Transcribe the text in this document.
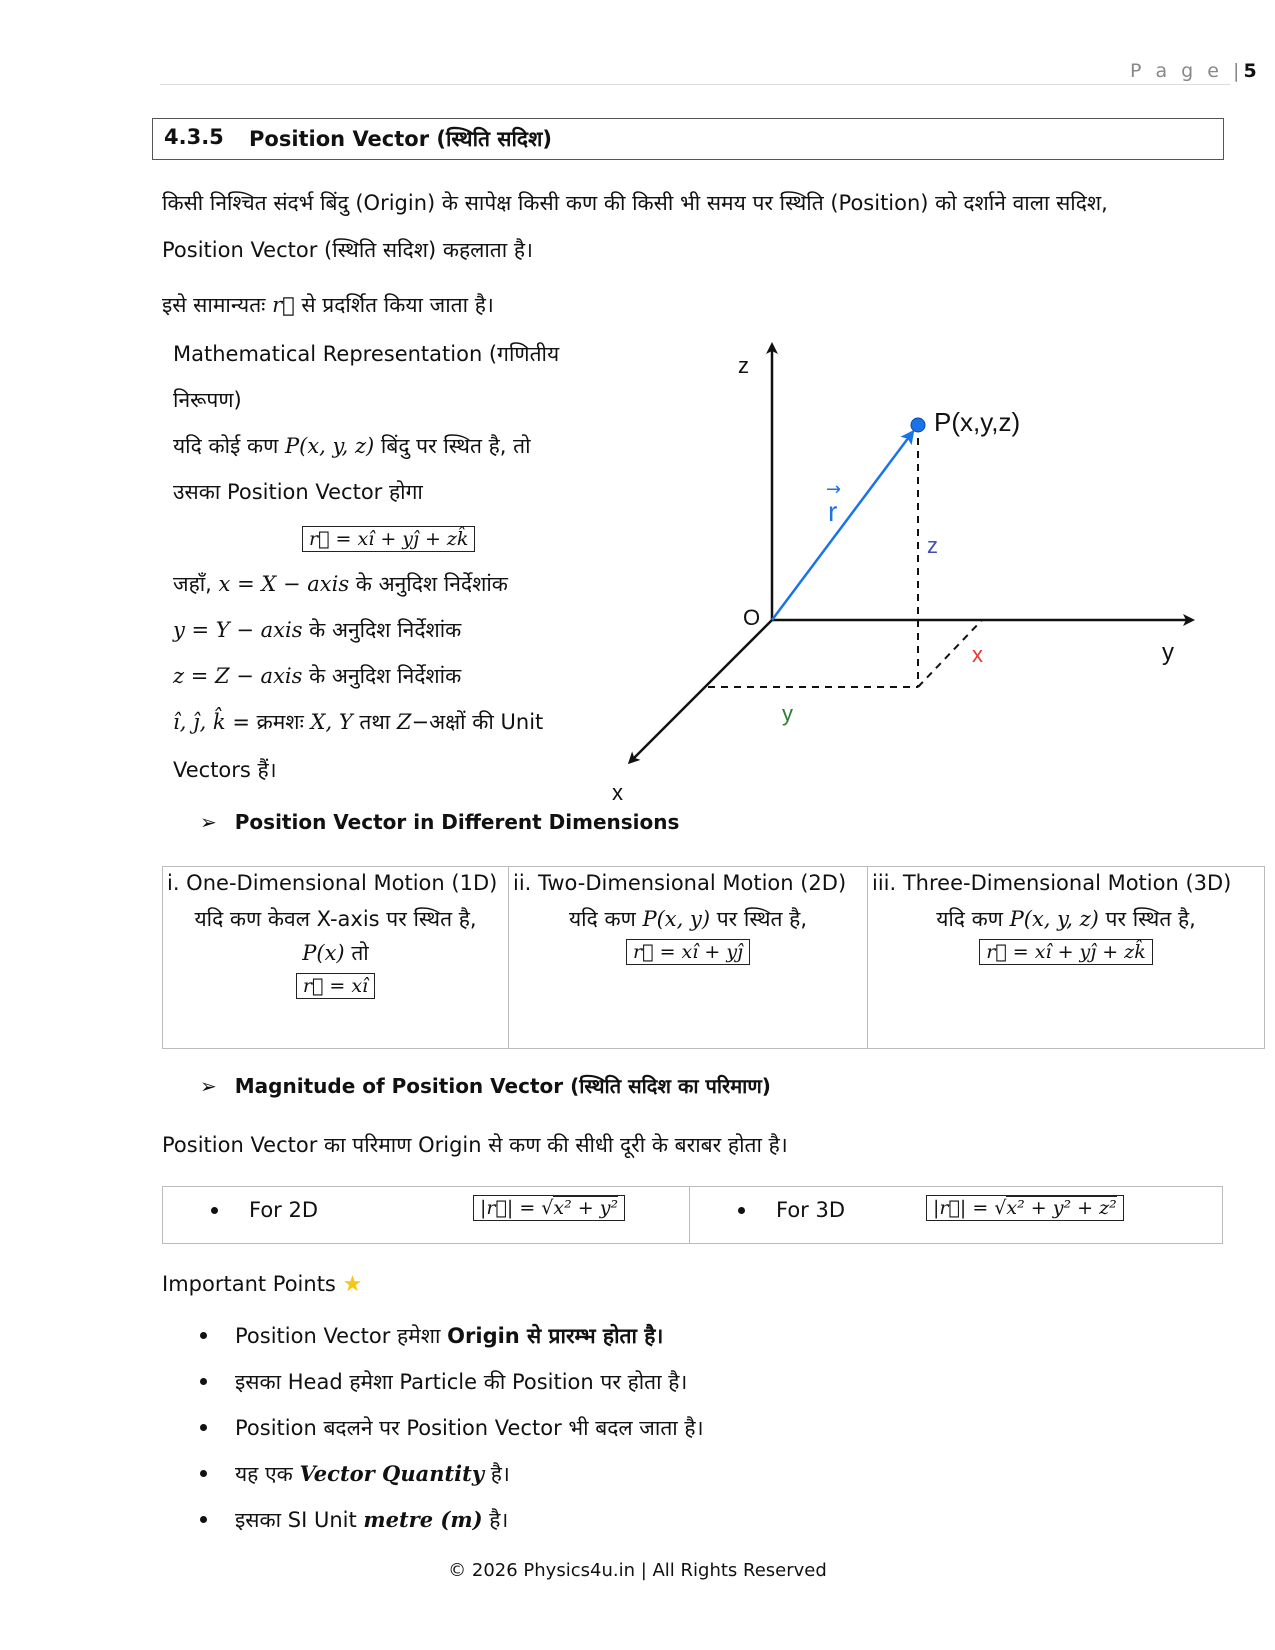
P a g e |5
4.3.5 Position Vector (स्थिति सदिश)
किसी निश्चित संदर्भ बिंदु (Origin) के सापेक्ष किसी कण की किसी भी समय पर स्थिति (Position) को दर्शाने वाला सदिश,
Position Vector (स्थिति सदिश) कहलाता है।
इसे सामान्यतः r⃗ से प्रदर्शित किया जाता है।
Mathematical Representation (गणितीय
निरूपण)
यदि कोई कण P(x, y, z) बिंदु पर स्थित है, तो
उसका Position Vector होगा
r⃗ = xî + yĵ + zk̂
जहाँ, x = X − axis के अनुदिश निर्देशांक
y = Y − axis के अनुदिश निर्देशांक
z = Z − axis के अनुदिश निर्देशांक
î, ĵ, k̂ = क्रमशः X, Y तथा Z−अक्षों की Unit
Vectors हैं।
z
y
x
O
P(x,y,z)
r
→
z
x
y
➢ Position Vector in Different Dimensions
i. One-Dimensional Motion (1D)
यदि कण केवल X-axis पर स्थित है,
P(x) तो
r⃗ = xî

ii. Two-Dimensional Motion (2D)
यदि कण P(x, y) पर स्थित है,
r⃗ = xî + yĵ

iii. Three-Dimensional Motion (3D)
यदि कण P(x, y, z) पर स्थित है,
r⃗ = xî + yĵ + zk̂
➢ Magnitude of Position Vector (स्थिति सदिश का परिमाण)
Position Vector का परिमाण Origin से कण की सीधी दूरी के बराबर होता है।
For 2D	|r⃗| = √x² + y²	For 3D	|r⃗| = √x² + y² + z²
Important Points ★
Position Vector हमेशा Origin से प्रारम्भ होता है।
इसका Head हमेशा Particle की Position पर होता है।
Position बदलने पर Position Vector भी बदल जाता है।
यह एक Vector Quantity है।
इसका SI Unit metre (m) है।
© 2026 Physics4u.in | All Rights Reserved
